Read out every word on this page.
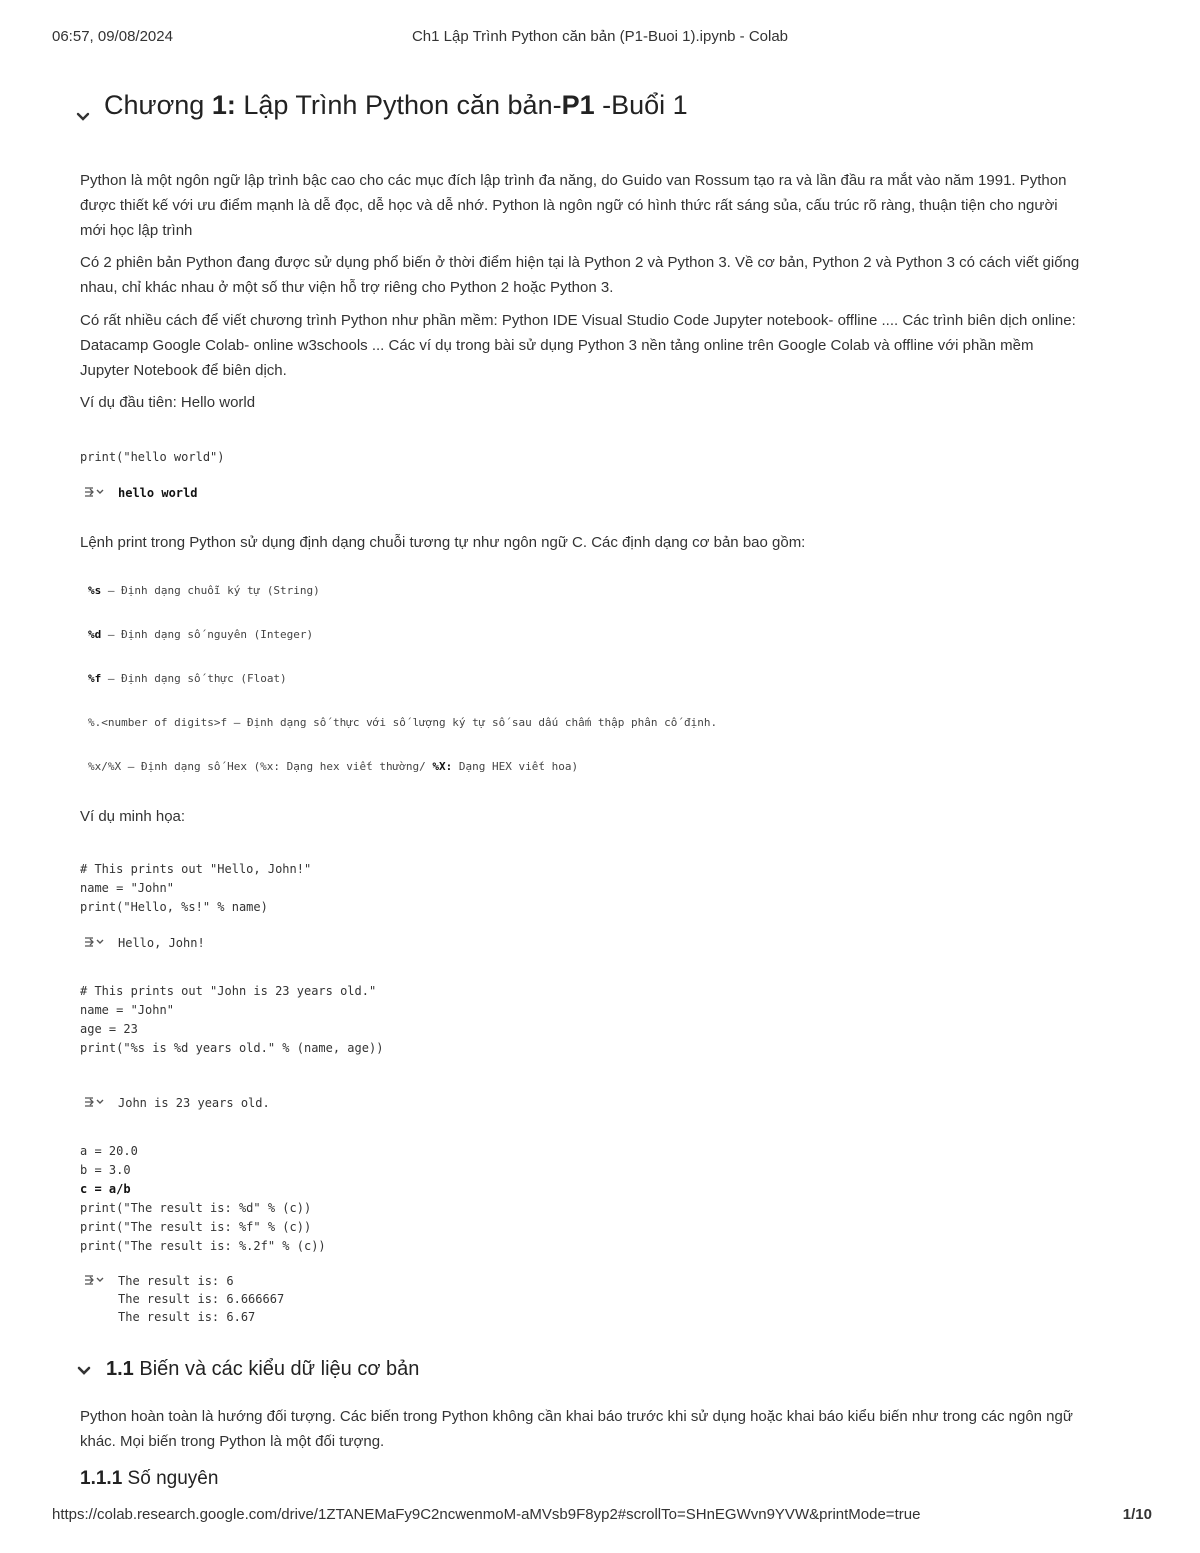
06:57, 09/08/2024	Ch1 Lập Trình Python căn bản (P1-Buoi 1).ipynb - Colab
Chương 1: Lập Trình Python căn bản-P1 -Buổi 1
Python là một ngôn ngữ lập trình bậc cao cho các mục đích lập trình đa năng, do Guido van Rossum tạo ra và lần đầu ra mắt vào năm 1991. Python được thiết kế với ưu điểm mạnh là dễ đọc, dễ học và dễ nhớ. Python là ngôn ngữ có hình thức rất sáng sủa, cấu trúc rõ ràng, thuận tiện cho người mới học lập trình
Có 2 phiên bản Python đang được sử dụng phổ biến ở thời điểm hiện tại là Python 2 và Python 3. Về cơ bản, Python 2 và Python 3 có cách viết giống nhau, chỉ khác nhau ở một số thư viện hỗ trợ riêng cho Python 2 hoặc Python 3.
Có rất nhiều cách để viết chương trình Python như phần mềm: Python IDE Visual Studio Code Jupyter notebook- offline .... Các trình biên dịch online: Datacamp Google Colab- online w3schools ... Các ví dụ trong bài sử dụng Python 3 nền tảng online trên Google Colab và offline với phần mềm Jupyter Notebook để biên dịch.
Ví dụ đầu tiên: Hello world
print("hello world")
hello world
Lệnh print trong Python sử dụng định dạng chuỗi tương tự như ngôn ngữ C. Các định dạng cơ bản bao gồm:
%s – Định dạng chuỗi ký tự (String)
%d – Định dạng số nguyên (Integer)
%f – Định dạng số thực (Float)
%.<number of digits>f – Định dạng số thực với số lượng ký tự số sau dấu chấm thập phân cố định.
%x/%X – Định dạng số Hex (%x: Dạng hex viết thường/ %X: Dạng HEX viết hoa)
Ví dụ minh họa:
# This prints out "Hello, John!"
name = "John"
print("Hello, %s!" % name)
Hello, John!
# This prints out "John is 23 years old."
name = "John"
age = 23
print("%s is %d years old." % (name, age))
John is 23 years old.
a = 20.0
b = 3.0
c = a/b
print("The result is: %d" % (c))
print("The result is: %f" % (c))
print("The result is: %.2f" % (c))
The result is: 6
The result is: 6.666667
The result is: 6.67
1.1 Biến và các kiểu dữ liệu cơ bản
Python hoàn toàn là hướng đối tượng. Các biến trong Python không cần khai báo trước khi sử dụng hoặc khai báo kiểu biến như trong các ngôn ngữ khác. Mọi biến trong Python là một đối tượng.
1.1.1 Số nguyên
https://colab.research.google.com/drive/1ZTANEMaFy9C2ncwenmoM-aMVsb9F8yp2#scrollTo=SHnEGWvn9YVW&printMode=true	1/10
